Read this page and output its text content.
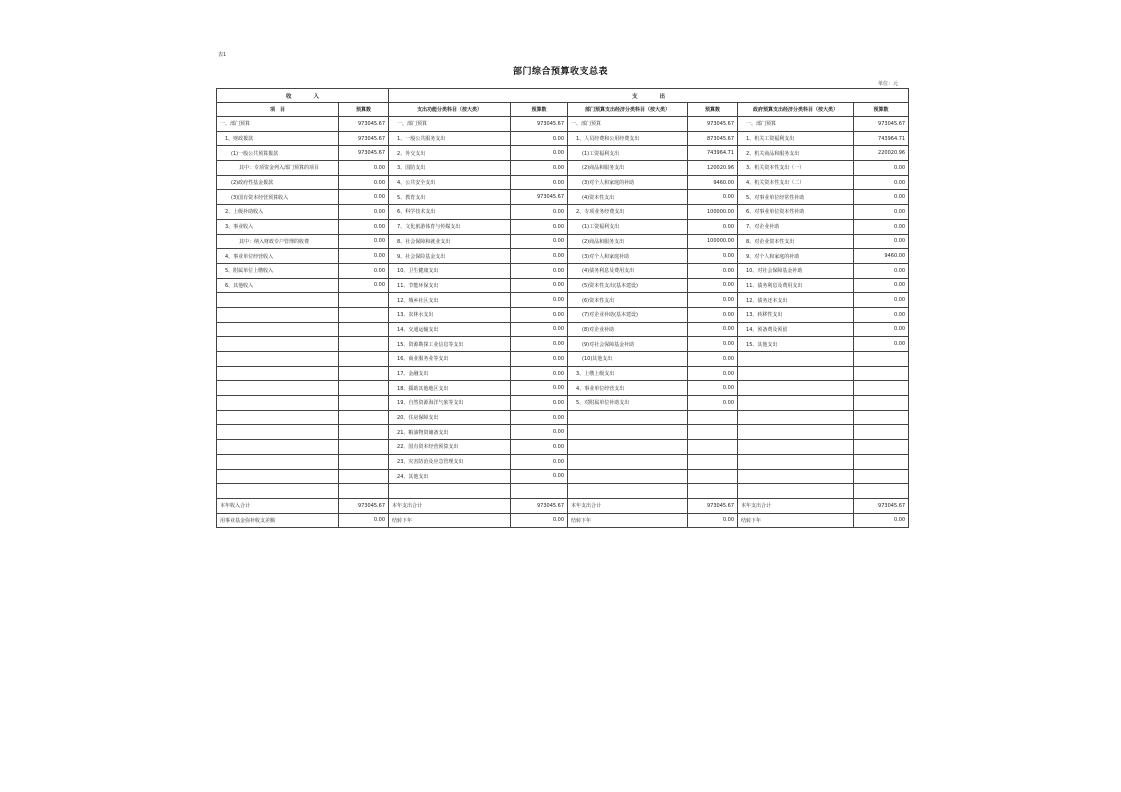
表1
部门综合预算收支总表
单位：元
收　　　　入		支　　　　出					
项　目	预算数	支出功能分类科目（按大类）	预算数	部门预算支出经济分类科目（按大类）	预算数	政府预算支出经济分类科目（按大类）	预算数
一、部门预算	973045.67	一、部门预算	973045.67	一、部门预算	973045.67	一、部门预算	973045.67
1、财政拨款	973045.67	1、一般公共服务支出	0.00	1、人员经费和公用经费支出	873045.67	1、机关工资福利支出	743964.71
(1)一般公共预算拨款	973045.67	2、外交支出	0.00	(1)工资福利支出	743964.71	2、机关商品和服务支出	220020.96
其中：专项资金列入部门预算的项目	0.00	3、国防支出	0.00	(2)商品和服务支出	120020.96	3、机关资本性支出（一）	0.00
(2)政府性基金拨款	0.00	4、公共安全支出	0.00	(3)对个人和家庭的补助	9460.00	4、机关资本性支出（二）	0.00
(3)国有资本经营预算收入	0.00	5、教育支出	973045.67	(4)资本性支出	0.00	5、对事业单位经常性补助	0.00
2、上级补助收入	0.00	6、科学技术支出	0.00	2、专项业务经费支出	100000.00	6、对事业单位资本性补助	0.00
3、事业收入	0.00	7、文化旅游体育与传媒支出	0.00	(1)工资福利支出	0.00	7、对企业补助	0.00
其中：纳入财政专户管理的收费	0.00	8、社会保障和就业支出	0.00	(2)商品和服务支出	100000.00	8、对企业资本性支出	0.00
4、事业单位经营收入	0.00	9、社会保险基金支出	0.00	(3)对个人和家庭补助	0.00	9、对个人和家庭的补助	9460.00
5、附属单位上缴收入	0.00	10、卫生健康支出	0.00	(4)债务利息及费用支出	0.00	10、对社会保障基金补助	0.00
6、其他收入	0.00	11、节能环保支出	0.00	(5)资本性支出(基本建设)	0.00	11、债务利息及费用支出	0.00
		12、城乡社区支出	0.00	(6)资本性支出	0.00	12、债务还本支出	0.00
		13、农林水支出	0.00	(7)对企业补助(基本建设)	0.00	13、转移性支出	0.00
		14、交通运输支出	0.00	(8)对企业补助	0.00	14、预备费及预留	0.00
		15、资源勘探工业信息等支出	0.00	(9)对社会保障基金补助	0.00	15、其他支出	0.00
		16、商业服务业等支出	0.00	(10)其他支出	0.00		
		17、金融支出	0.00	3、上缴上级支出	0.00		
		18、援助其他地区支出	0.00	4、事业单位经营支出	0.00		
		19、自然资源海洋气象等支出	0.00	5、对附属单位补助支出	0.00		
		20、住房保障支出	0.00				
		21、粮油物资储备支出	0.00				
		22、国有资本经营预算支出	0.00				
		23、灾害防治及应急管理支出	0.00				
		24、其他支出	0.00				

本年收入合计	973045.67	本年支出合计	973045.67	本年支出合计	973045.67	本年支出合计	973045.67
用事业基金弥补收支差额	0.00	结转下年	0.00	结转下年	0.00	结转下年	0.00
